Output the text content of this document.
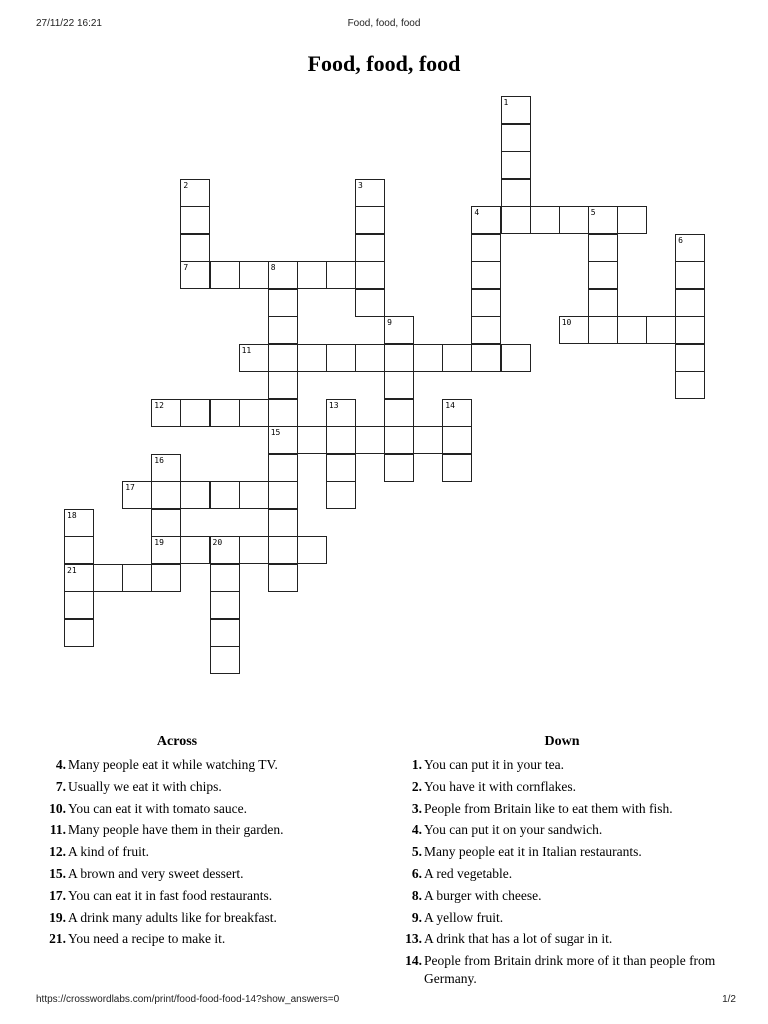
27/11/22 16:21	Food, food, food
Food, food, food
1
2
7
3
4	5
6
8
15
9	10
11
12	13	14
16
19
17
18
21
20
Across	Down
4. Many people eat it while watching TV.
7. Usually we eat it with chips.
10. You can eat it with tomato sauce.
11. Many people have them in their garden.
12. A kind of fruit.
15. A brown and very sweet dessert.
17. You can eat it in fast food restaurants.
19. A drink many adults like for breakfast.
21. You need a recipe to make it.
1. You can put it in your tea.
2. You have it with cornflakes.
3. People from Britain like to eat them with fish.
4. You can put it on your sandwich.
5. Many people eat it in Italian restaurants.
6. A red vegetable.
8. A burger with cheese.
9. A yellow fruit.
13. A drink that has a lot of sugar in it.
14. People from Britain drink more of it than people from Germany.
https://crosswordlabs.com/print/food-food-food-14?show_answers=0	1/2
